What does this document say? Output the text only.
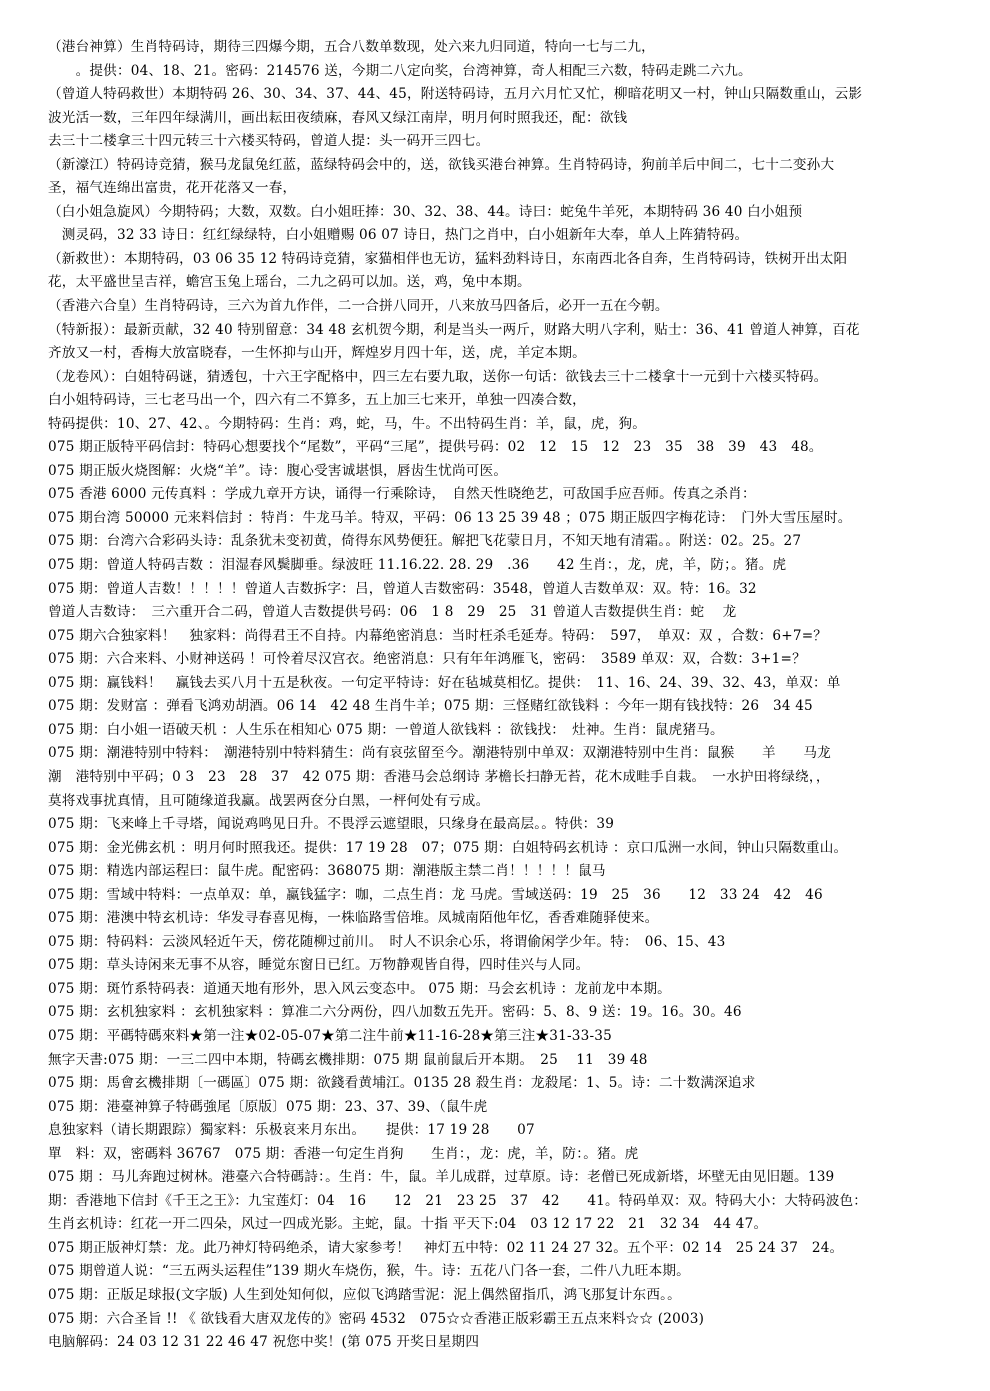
（港台神算）生肖特码诗，期待三四爆今期，五合八数单数现，处六来九归同道，特向一七与二九，
　　。提供：04、18、21。密码：214576 送，今期二八定向奖，台湾神算，奇人相配三六数，特码走跳二六九。
（曾道人特码救世）本期特码 26、30、34、37、44、45，附送特码诗，五月六月忙又忙，柳暗花明又一村，钟山只隔数重山，云影
波光活一数，三年四年绿满川，画出耘田夜绩麻，春风又绿江南岸，明月何时照我还，配：欲钱
去三十二楼拿三十四元转三十六楼买特码，曾道人提：头一码开三四七。
（新濠江）特码诗竞猜，猴马龙鼠兔红蓝，蓝绿特码会中的，送，欲钱买港台神算。生肖特码诗，狗前羊后中间二，七十二变孙大
圣，福气连绵出富贵，花开花落又一春，
（白小姐急旋风）今期特码；大数，双数。白小姐旺捧：30、32、38、44。诗曰：蛇兔牛羊死，本期特码 36 40 白小姐预
　测灵码，32 33 诗日：红红绿绿特，白小姐赠赐 06 07 诗日，热门之肖中，白小姐新年大奉，单人上阵猜特码。
（新救世）：本期特码，03 06 35 12 特码诗竞猜，家猫相伴也无访，猛料劲料诗日，东南西北各自奔，生肖特码诗，铁树开出太阳
花，太平盛世呈吉祥，蟾宫玉兔上瑶台，二九之码可以加。送，鸡，兔中本期。
（香港六合皇）生肖特码诗，三六为首九作伴，二一合拼八同开，八来放马四备后，必开一五在今朝。
（特新报）：最新贡献，32 40 特别留意：34 48 玄机贺今期，利是当头一两斤，财路大明八字利，贴士：36、41 曾道人神算，百花
齐放又一村，香梅大放富晓春，一生怀抑与山开，辉煌岁月四十年，送，虎，羊定本期。
（龙卷风）：白姐特码谜，猜透包，十六王字配格中，四三左右要九取，送你一句话：欲钱去三十二楼拿十一元到十六楼买特码。
白小姐特码诗，三七老马出一个，四六有二不算多，五上加三七来开，单独一四凑合数，
特码提供：10、27、42、。今期特码：生肖：鸡，蛇，马，牛。不出特码生肖：羊，鼠，虎，狗。
075 期正版特平码信封：特码心想要找个“尾数”，平码“三尾”，提供号码：02　12　15　12　23　35　38　39　43　48。
075 期正版火烧图解：火烧“羊”。诗：腹心受害诚堪惧，唇齿生忧尚可医。
075 香港 6000 元传真料 ：学成九章开方诀，诵得一行乘除诗，　自然天性晓绝艺，可敌国手应吾师。传真之杀肖：
075 期台湾 50000 元来料信封 ：特肖：牛龙马羊。特双，平码：06 13 25 39 48 ；075 期正版四字梅花诗：　门外大雪压屋时。
075 期：台湾六合彩码头诗：乱条犹未变初黄，倚得东风势便狂。解把飞花蒙日月，不知天地有清霜。。附送：02。25。27
075 期：曾道人特码吉数 ：泪湿春风鬓脚垂。绿波旺 11.16.22. 28. 29　.36　　42 生肖：，龙，虎，羊，防；。猪。虎
075 期：曾道人吉数！！！！！曾道人吉数拆字：吕，曾道人吉数密码：3548，曾道人吉数单双：双。特：16。32
曾道人吉数诗：　三六重开合二码，曾道人吉数提供号码：06　1 8　29　25　31 曾道人吉数提供生肖：蛇　 龙
075 期六合独家料！　独家料：尚得君王不自持。内幕绝密消息：当时枉杀毛延寿。特码：　597，　单双：双 ，合数：6+7=？
075 期：六合来料、小财神送码 ！可怜着尽汉宫衣。绝密消息：只有年年鸿雁飞，密码：　3589 单双：双，合数：3+1=？
075 期：赢钱料！　赢钱去买八月十五是秋夜。一句定平特诗：好在毡城莫相忆。提供：　11、16、24、39、32、43，单双：单
075 期：发财富 ：弹看飞鸿劝胡酒。06 14　42 48 生肖牛羊；075 期：三怪赌红欲钱料 ：今年一期有钱找特：26　34 45
075 期：白小姐一语破天机 ：人生乐在相知心 075 期：一曾道人欲钱料 ：欲钱找：　灶神。生肖：鼠虎猪马。
075 期：潮港特别中特料：　潮港特别中特料猜生：尚有哀弦留至今。潮港特别中单双：双潮港特别中生肖：鼠猴　　羊　　马龙
潮　港特别中平码；0 3　23　28　37　42 075 期：香港马会总纲诗 茅檐长扫静无苔，花木成畦手自栽。　一水护田将绿绕，，
莫将戏事扰真情，且可随缘道我赢。战罢两奁分白黑，一枰何处有亏成。
075 期：飞来峰上千寻塔，闻说鸡鸣见日升。不畏浮云遮望眼，只缘身在最高层。。特供：39
075 期：金光佛玄机 ：明月何时照我还。提供：17 19 28　07；075 期：白姐特码玄机诗 ：京口瓜洲一水间，钟山只隔数重山。
075 期：精选内部运程曰：鼠牛虎。配密码：368075 期：潮港版主禁二肖！！！！！鼠马
075 期：雪域中特料：一点单双：单，赢钱猛字：咖，二点生肖：龙 马虎。雪域送码：19　25　36　　12　33 24　42　46
075 期：港澳中特玄机诗：华发寻春喜见梅，一株临路雪倍堆。凤城南陌他年忆，香香难随驿使来。
075 期：特码料：云淡风轻近午天，傍花随柳过前川。　时人不识余心乐，将谓偷闲学少年。特：　06、15、43
075 期：草头诗闲来无事不从容，睡觉东窗日已红。万物静观皆自得，四时佳兴与人同。
075 期：斑竹系特码表：道通天地有形外，思入风云变态中。 075 期：马会玄机诗 ：龙前龙中本期。
075 期：玄机独家料 ：玄机独家料 ：算准二六分两份，四八加数五先开。密码：5、8、9 送：19。16。30。46
075 期：平碼特碼來料★第一注★02-05-07★第二注牛前★11-16-28★第三注★31-33-35
無字天書:075 期：一三二四中本期，特碼玄機排期：075 期 鼠前鼠后开本期。　25　 11　39 48
075 期：馬會玄機排期〔一碼區〕075 期：欲錢看黄埔江。0135 28 殺生肖：龙殺尾：1、5。诗：二十数满深追求
075 期：港臺神算子特碼強尾〔原版〕075 期：23、37、39、（鼠牛虎
息独家料（请长期跟踪）獨家料：乐极哀来月东出。　　提供：17 19 28　　07
單　料：双，密碼料 36767　075 期：香港一句定生肖狗　　生肖：，龙：虎，羊，防：。猪。虎
075 期 ：马儿奔跑过树林。港臺六合特碼詩：。生肖：牛，鼠。羊儿成群，过草原。诗：老僧已死成新塔，坏壁无由见旧题。139
期：香港地下信封《千王之王》：九宝莲灯：04　16　　12　21　23 25　37　42　　41。特码单双：双。特码大小：大特码波色：
生肖玄机诗：红花一开二四朵，风过一四成光影。主蛇，鼠。十指 平天下:04　03 12 17 22　21　32 34　44 47。
075 期正版神灯禁：龙。此乃神灯特码绝杀，请大家参考！　神灯五中特：02 11 24 27 32。五个平：02 14　25 24 37　24。
075 期曾道人说：“三五两头运程佳”139 期火车烧伤，猴，牛。诗：五花八门各一套，二件八九旺本期。
075 期：正版足球报(文字版) 人生到处知何似，应似飞鸿踏雪泥：泥上偶然留指爪，鸿飞那复计东西。。
075 期：六合圣旨 !! 《 欲钱看大唐双龙传的》密码 4532　075☆☆香港正版彩霸王五点来料☆☆ (2003)
电脑解码：24 03 12 31 22 46 47 祝您中奖！(第 075 开奖日星期四
